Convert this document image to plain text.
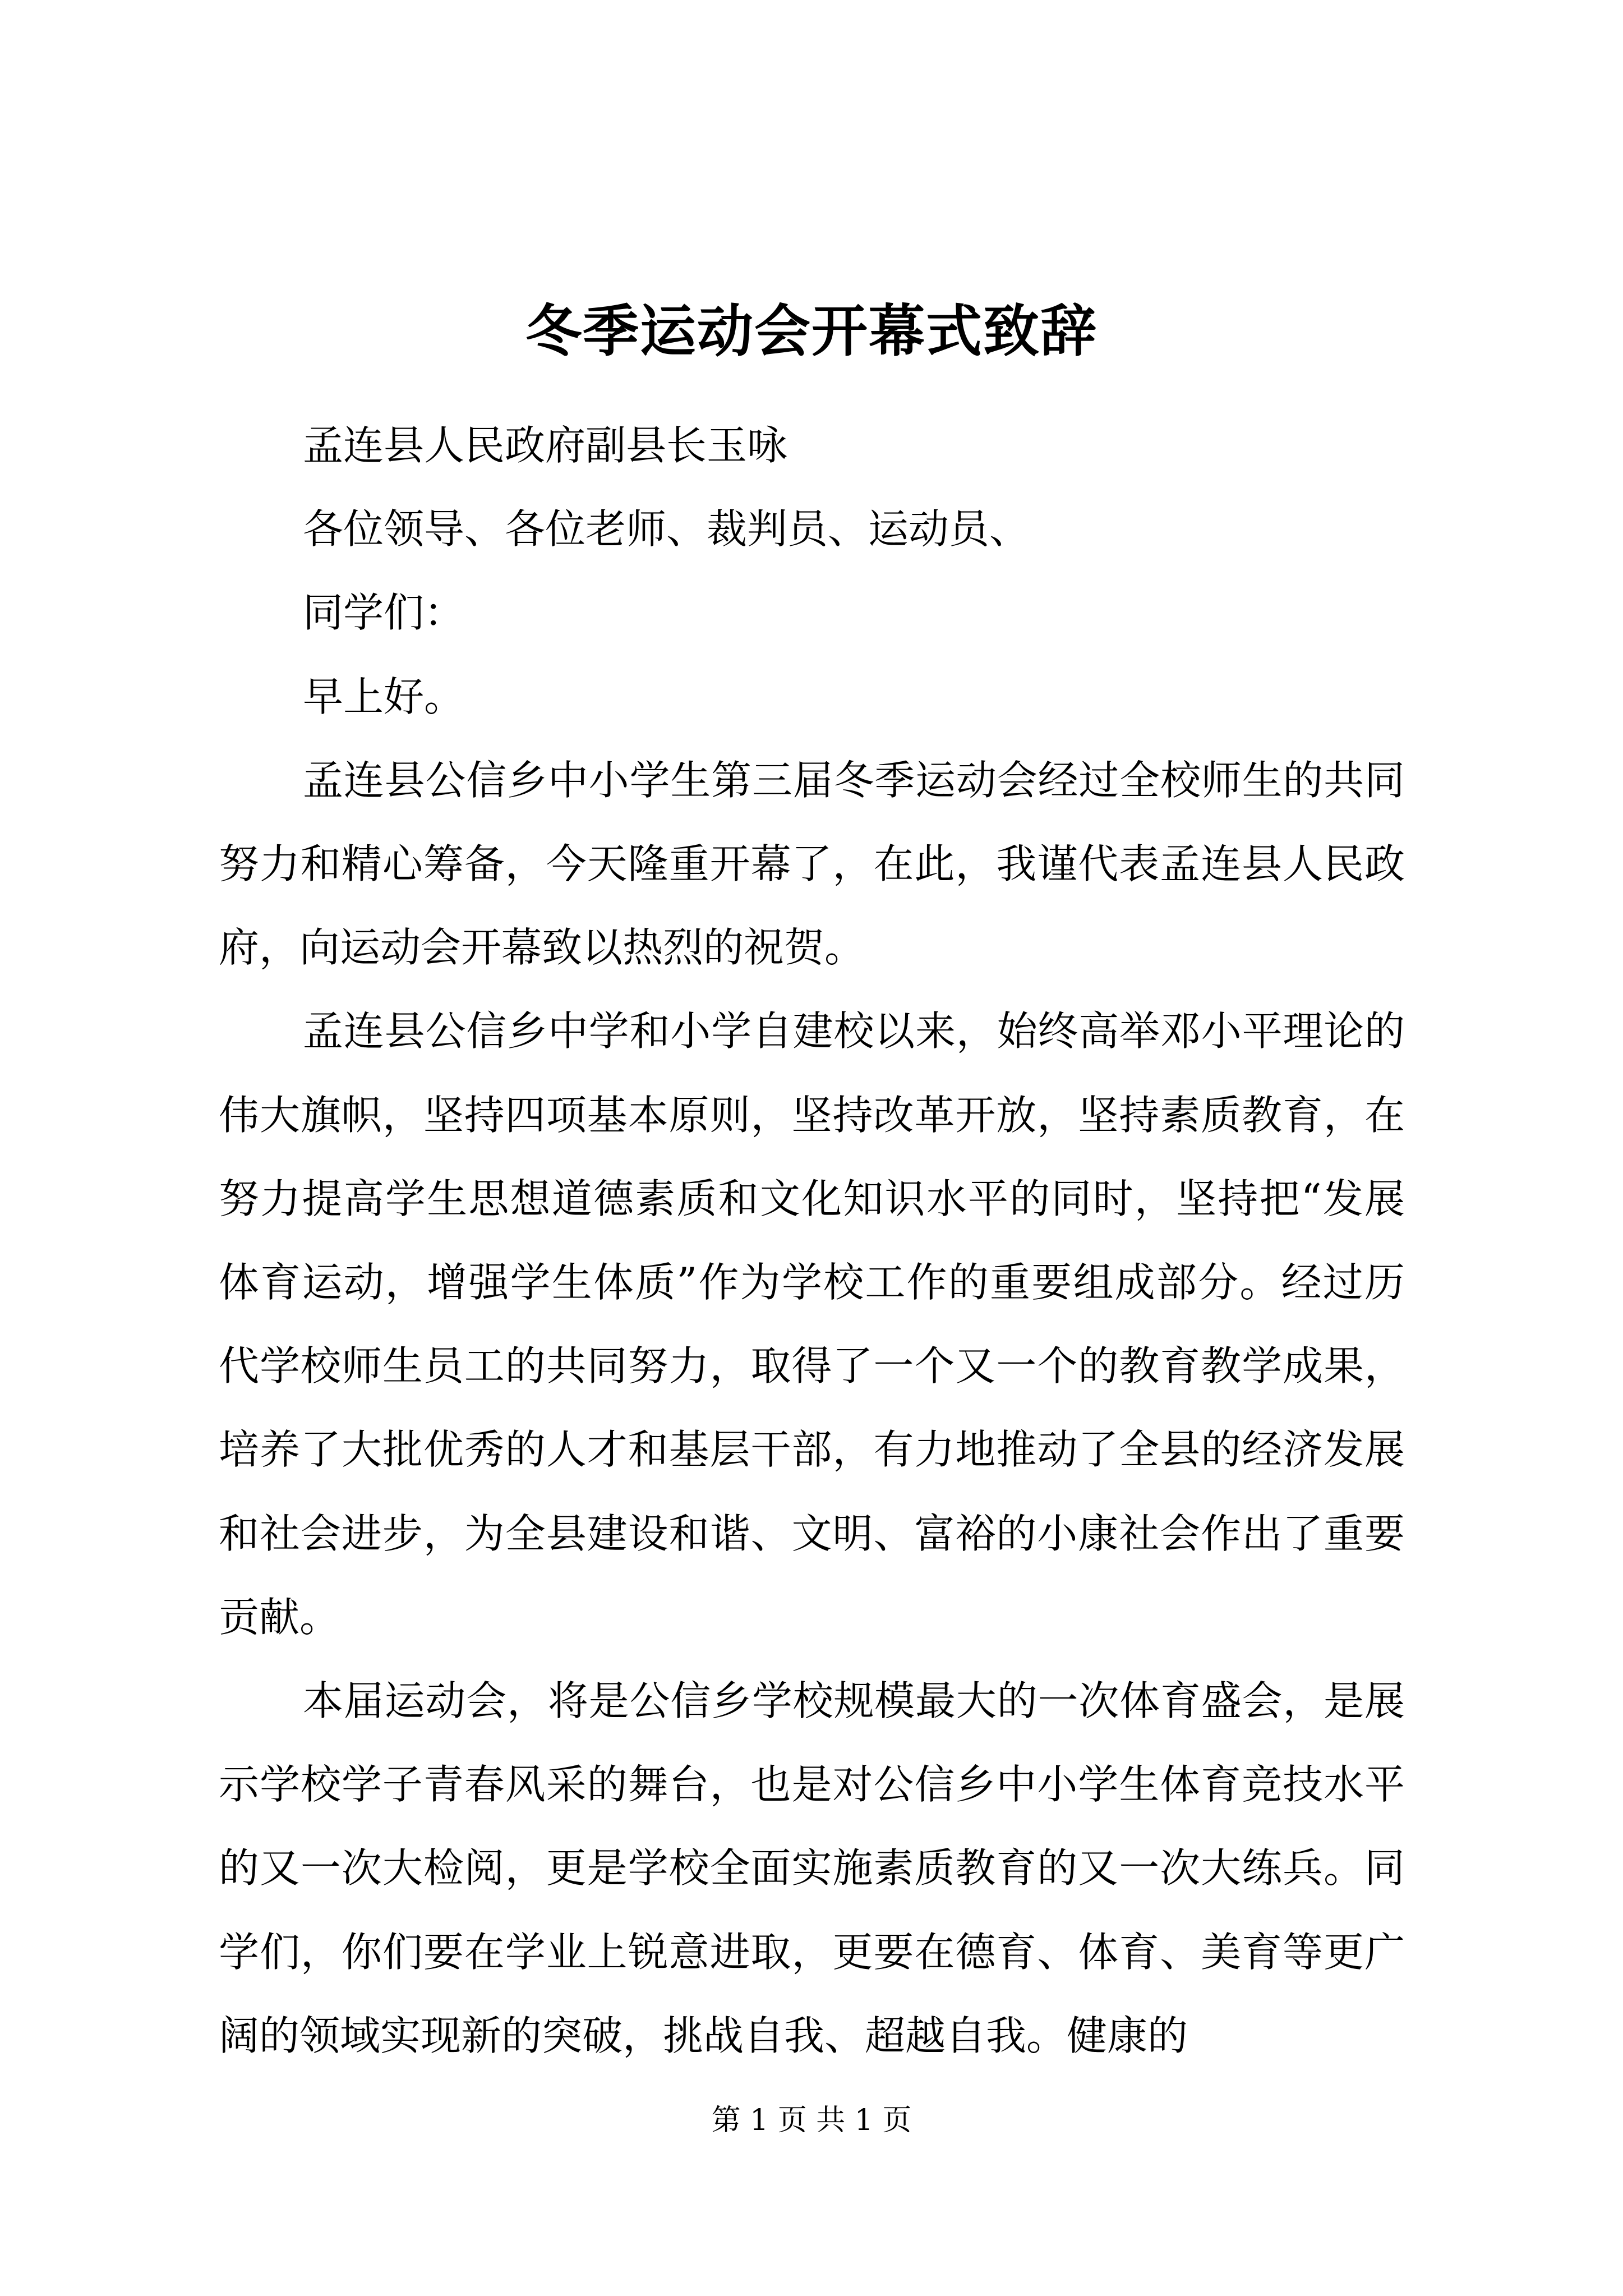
冬季运动会开幕式致辞

孟连县人民政府副县长玉咏

各位领导、各位老师、裁判员、运动员、

同学们：

早上好。

孟连县公信乡中小学生第三届冬季运动会经过全校师生的共同努力和精心筹备，今天隆重开幕了，在此，我谨代表孟连县人民政府，向运动会开幕致以热烈的祝贺。

孟连县公信乡中学和小学自建校以来，始终高举邓小平理论的伟大旗帜，坚持四项基本原则，坚持改革开放，坚持素质教育，在努力提高学生思想道德素质和文化知识水平的同时，坚持把“发展体育运动，增强学生体质”作为学校工作的重要组成部分。经过历代学校师生员工的共同努力，取得了一个又一个的教育教学成果，培养了大批优秀的人才和基层干部，有力地推动了全县的经济发展和社会进步，为全县建设和谐、文明、富裕的小康社会作出了重要贡献。

本届运动会，将是公信乡学校规模最大的一次体育盛会，是展示学校学子青春风采的舞台，也是对公信乡中小学生体育竞技水平的又一次大检阅，更是学校全面实施素质教育的又一次大练兵。同学们，你们要在学业上锐意进取，更要在德育、体育、美育等更广阔的领域实现新的突破，挑战自我、超越自我。健康的

第 1 页 共 1 页
